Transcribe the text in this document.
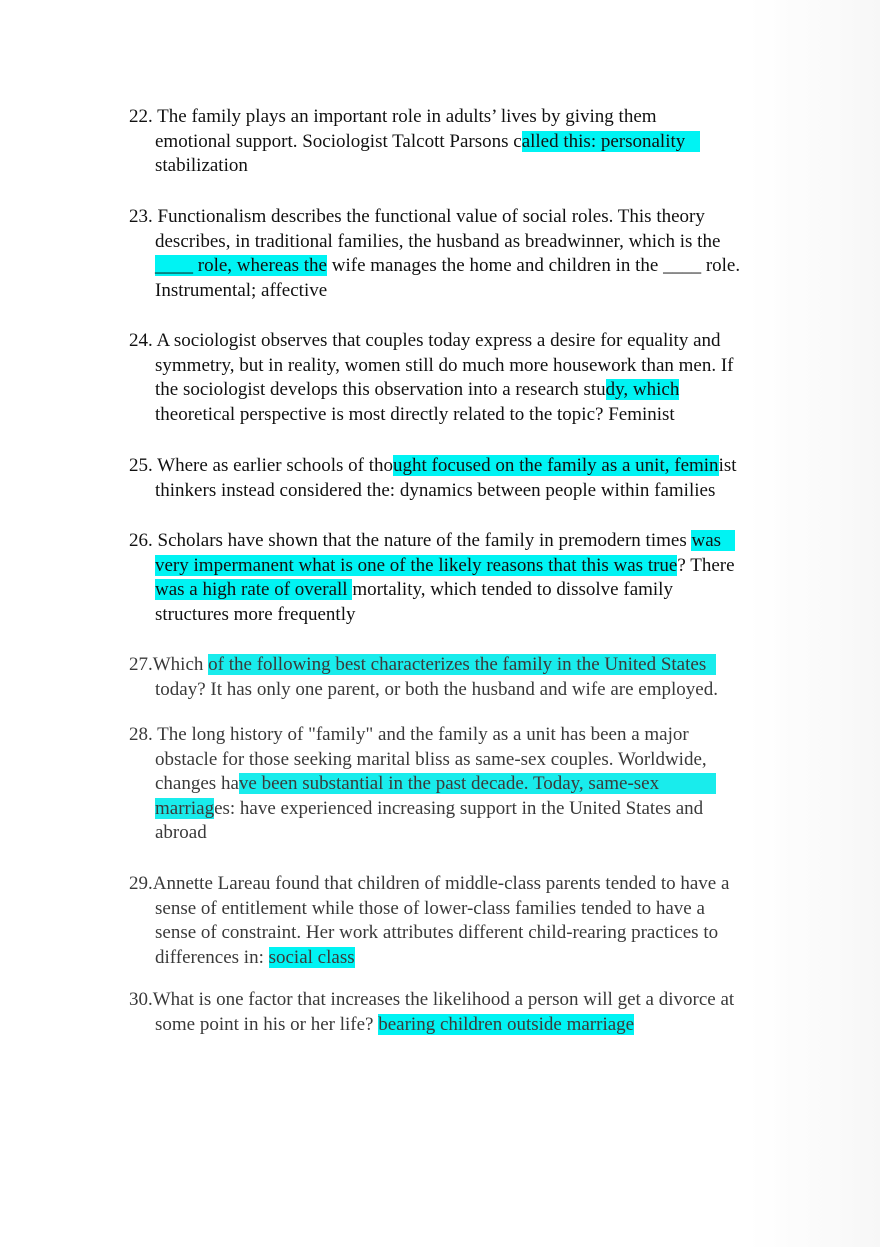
22. The family plays an important role in adults’ lives by giving them
emotional support. Sociologist Talcott Parsons called this: personality
stabilization
23. Functionalism describes the functional value of social roles. This theory
describes, in traditional families, the husband as breadwinner, which is the
____ role, whereas the wife manages the home and children in the ____ role.
Instrumental; affective
24. A sociologist observes that couples today express a desire for equality and
symmetry, but in reality, women still do much more housework than men. If
the sociologist develops this observation into a research study, which
theoretical perspective is most directly related to the topic? Feminist
25. Where as earlier schools of thought focused on the family as a unit, feminist
thinkers instead considered the: dynamics between people within families
26. Scholars have shown that the nature of the family in premodern times was
very impermanent what is one of the likely reasons that this was true? There
was a high rate of overall mortality, which tended to dissolve family
structures more frequently
27.Which of the following best characterizes the family in the United States
today? It has only one parent, or both the husband and wife are employed.
28. The long history of "family" and the family as a unit has been a major
obstacle for those seeking marital bliss as same-sex couples. Worldwide,
changes have been substantial in the past decade. Today, same-sex
marriages: have experienced increasing support in the United States and
abroad
29.Annette Lareau found that children of middle-class parents tended to have a
sense of entitlement while those of lower-class families tended to have a
sense of constraint. Her work attributes different child-rearing practices to
differences in: social class
30.What is one factor that increases the likelihood a person will get a divorce at
some point in his or her life? bearing children outside marriage
